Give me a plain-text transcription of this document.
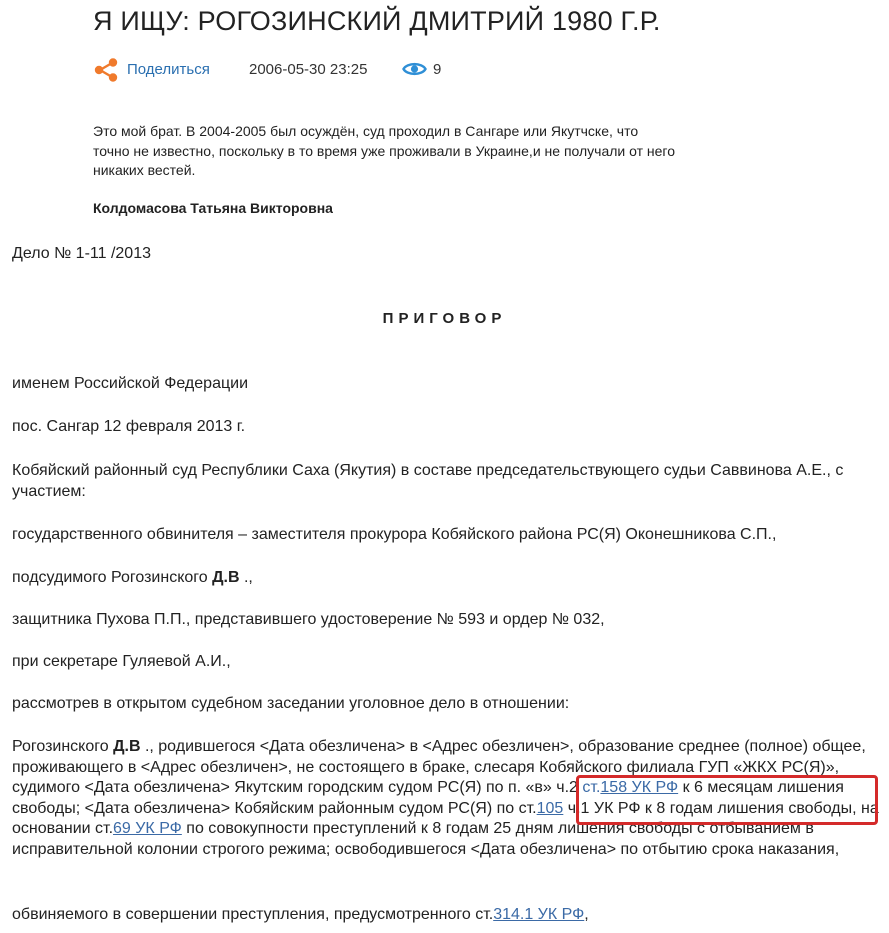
Я ИЩУ: РОГОЗИНСКИЙ ДМИТРИЙ 1980 Г.Р.
Поделиться	2006-05-30 23:25	9
Это мой брат. В 2004-2005 был осуждён, суд проходил в Сангаре или Якутчске, что точно не известно, поскольку в то время уже проживали в Украине,и не получали от него никаких вестей.
Колдомасова Татьяна Викторовна
Дело № 1-11 /2013
ПРИГОВОР
именем Российской Федерации
пос. Сангар 12 февраля 2013 г.
Кобяйский районный суд Республики Саха (Якутия) в составе председательствующего судьи Саввинова А.Е., с участием:
государственного обвинителя – заместителя прокурора Кобяйского района РС(Я) Оконешникова С.П.,
подсудимого Рогозинского Д.В .,
защитника Пухова П.П., представившего удостоверение № 593 и ордер № 032,
при секретаре Гуляевой А.И.,
рассмотрев в открытом судебном заседании уголовное дело в отношении:
Рогозинского Д.В ., родившегося <Дата обезличена> в <Адрес обезличен>, образование среднее (полное) общее, проживающего в <Адрес обезличен>, не состоящего в браке, слесаря Кобяйского филиала ГУП «ЖКХ РС(Я)», судимого <Дата обезличена> Якутским городским судом РС(Я) по п. «в» ч.2 ст.158 УК РФ к 6 месяцам лишения свободы; <Дата обезличена> Кобяйским районным судом РС(Я) по ст.105 ч.1 УК РФ к 8 годам лишения свободы, на основании ст.69 УК РФ по совокупности преступлений к 8 годам 25 дням лишения свободы с отбыванием в исправительной колонии строгого режима; освободившегося <Дата обезличена> по отбытию срока наказания,
обвиняемого в совершении преступления, предусмотренного ст.314.1 УК РФ,
